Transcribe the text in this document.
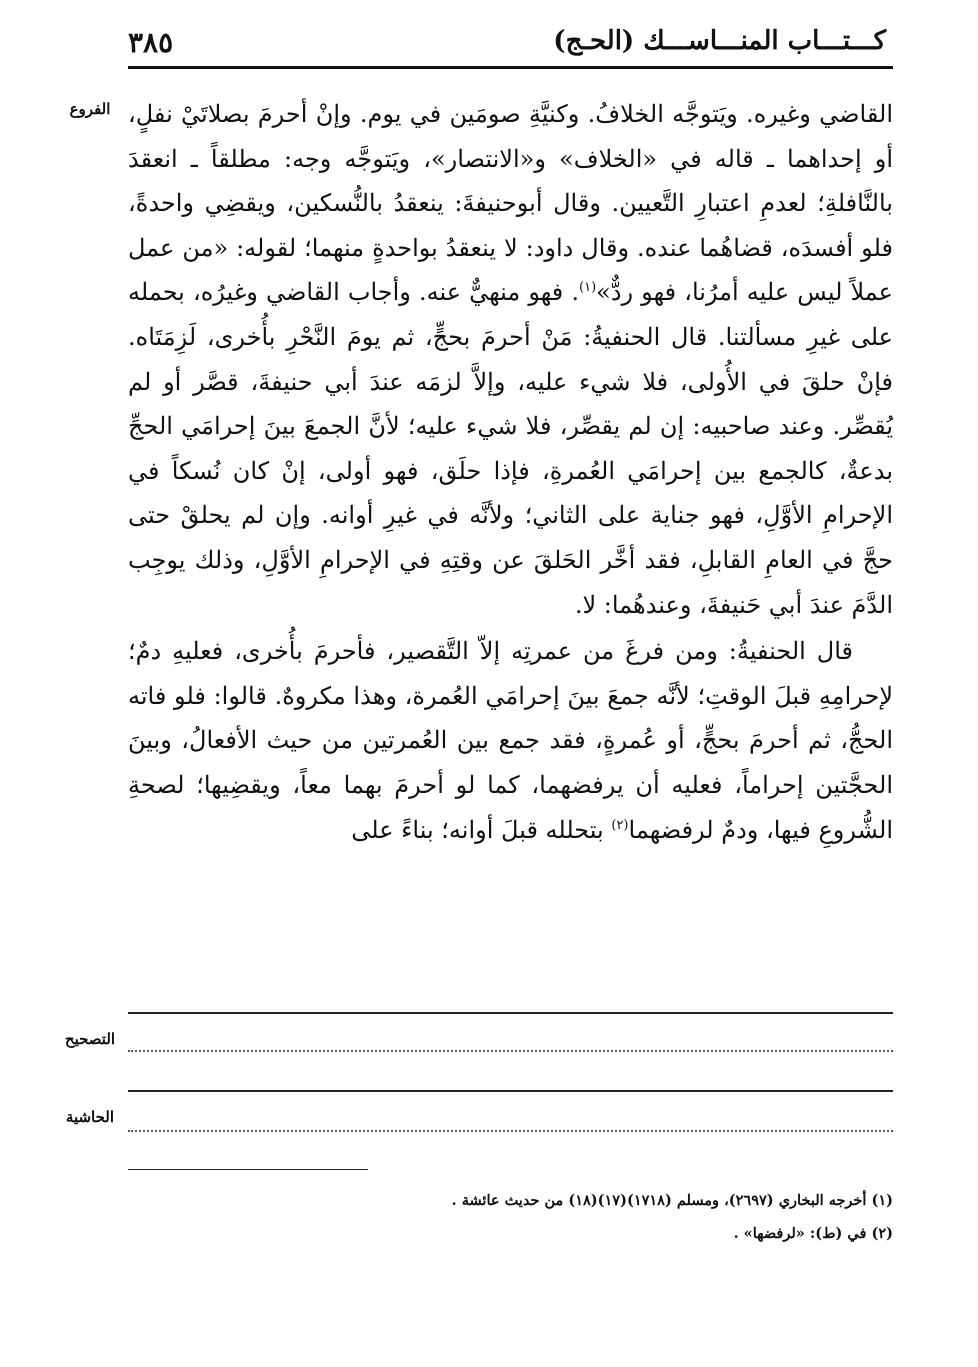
كـــتـــاب المنـــاســـك (الحـج)
٣٨٥
الفروع القاضي وغيره. ويَتوجَّه الخلافُ. وكنيَّةِ صومَين في يوم. وإنْ أحرمَ بصلاتَيْ نفلٍ، أو إحداهما ـ قاله في «الخلاف» و«الانتصار»، ويَتوجَّه وجه: مطلقاً ـ انعقدَ بالنَّافلةِ؛ لعدمِ اعتبارِ التَّعيين. وقال أبوحنيفةَ: ينعقدُ بالنُّسكين، ويقضِي واحدةً، فلو أفسدَه، قضاهُما عنده. وقال داود: لا ينعقدُ بواحدةٍ منهما؛ لقوله: «من عمل عملاً ليس عليه أمرُنا، فهو ردٌّ»$^{(١)}$. فهو منهيٌّ عنه. وأجاب القاضي وغيرُه، بحمله على غيرِ مسألتنا. قال الحنفيةُ: مَنْ أحرمَ بحجٍّ، ثم يومَ النَّحْرِ بأُخرى، لَزِمَتَاه. فإنْ حلقَ في الأُولى، فلا شيء عليه، وإلاَّ لزمَه عندَ أبي حنيفةَ، قصَّر أو لم يُقصِّر. وعند صاحبيه: إن لم يقصِّر، فلا شيء عليه؛ لأنَّ الجمعَ بينَ إحرامَي الحجِّ بدعةٌ، كالجمع بين إحرامَي العُمرةِ، فإذا حلَق، فهو أولى، إنْ كان نُسكاً في الإحرامِ الأوَّلِ، فهو جناية على الثاني؛ ولأنَّه في غيرِ أوانه. وإن لم يحلقْ حتى حجَّ في العامِ القابلِ، فقد أخَّر الحَلقَ عن وقتِهِ في الإحرامِ الأوَّلِ، وذلك يوجِب الدَّمَ عندَ أبي حَنيفةَ، وعندهُما: لا.

قال الحنفيةُ: ومن فرغَ من عمرتِه إلاّ التَّقصير، فأحرمَ بأُخرى، فعليهِ دمٌ؛ لإحرامِهِ قبلَ الوقتِ؛ لأنَّه جمعَ بينَ إحرامَي العُمرة، وهذا مكروهٌ. قالوا: فلو فاته الحجُّ، ثم أحرمَ بحجٍّ، أو عُمرةٍ، فقد جمع بين العُمرتين من حيث الأفعالُ، وبينَ الحجَّتين إحراماً، فعليه أن يرفضهما، كما لو أحرمَ بهما معاً، ويقضِيها؛ لصحةِ الشُّروعِ فيها، ودمٌ لرفضهما$^{(٢)}$ بتحلله قبلَ أوانه؛ بناءً على

التصحيح
الحاشية
(١) أخرجه البخاري (٢٦٩٧)، ومسلم (١٧١٨)(١٧)(١٨) من حديث عائشة .
(٢) في (ط): «لرفضها» .
